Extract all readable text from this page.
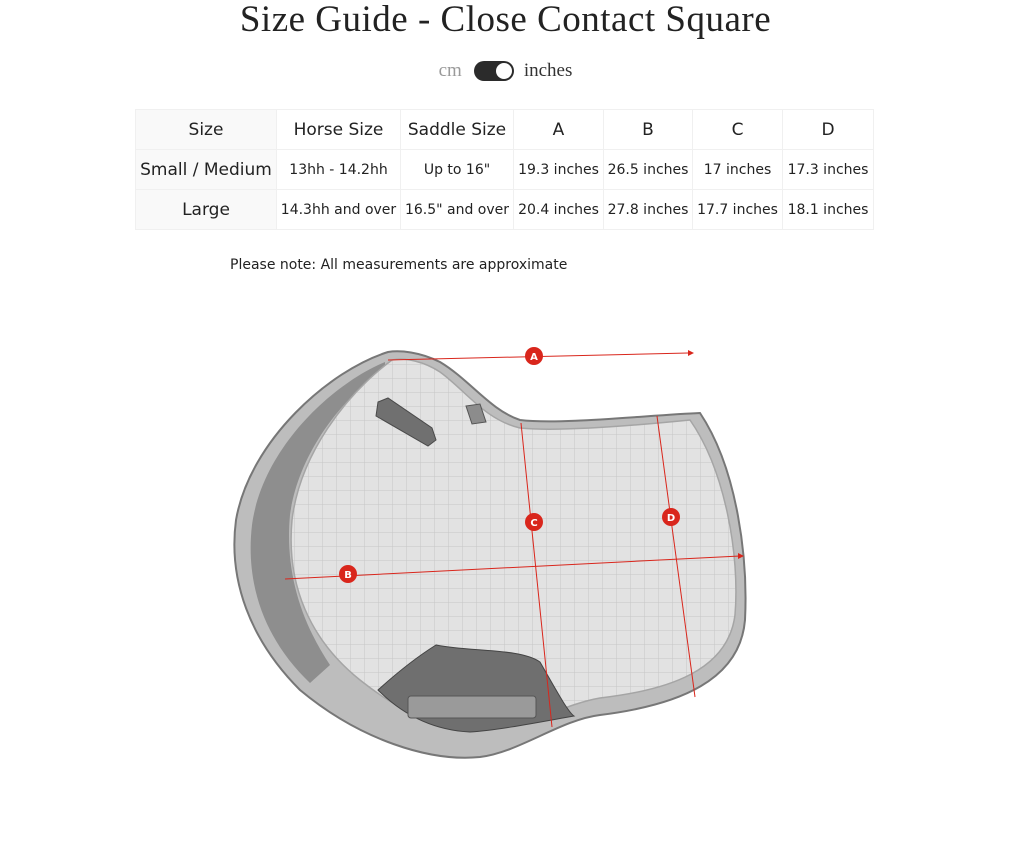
Size Guide - Close Contact Square
cm	inches
Size	Horse Size	Saddle Size	A	B	C	D
Small / Medium	13hh - 14.2hh	Up to 16"	19.3 inches	26.5 inches	17 inches	17.3 inches
Large	14.3hh and over	16.5" and over	20.4 inches	27.8 inches	17.7 inches	18.1 inches
Please note: All measurements are approximate
A
B
C	D
